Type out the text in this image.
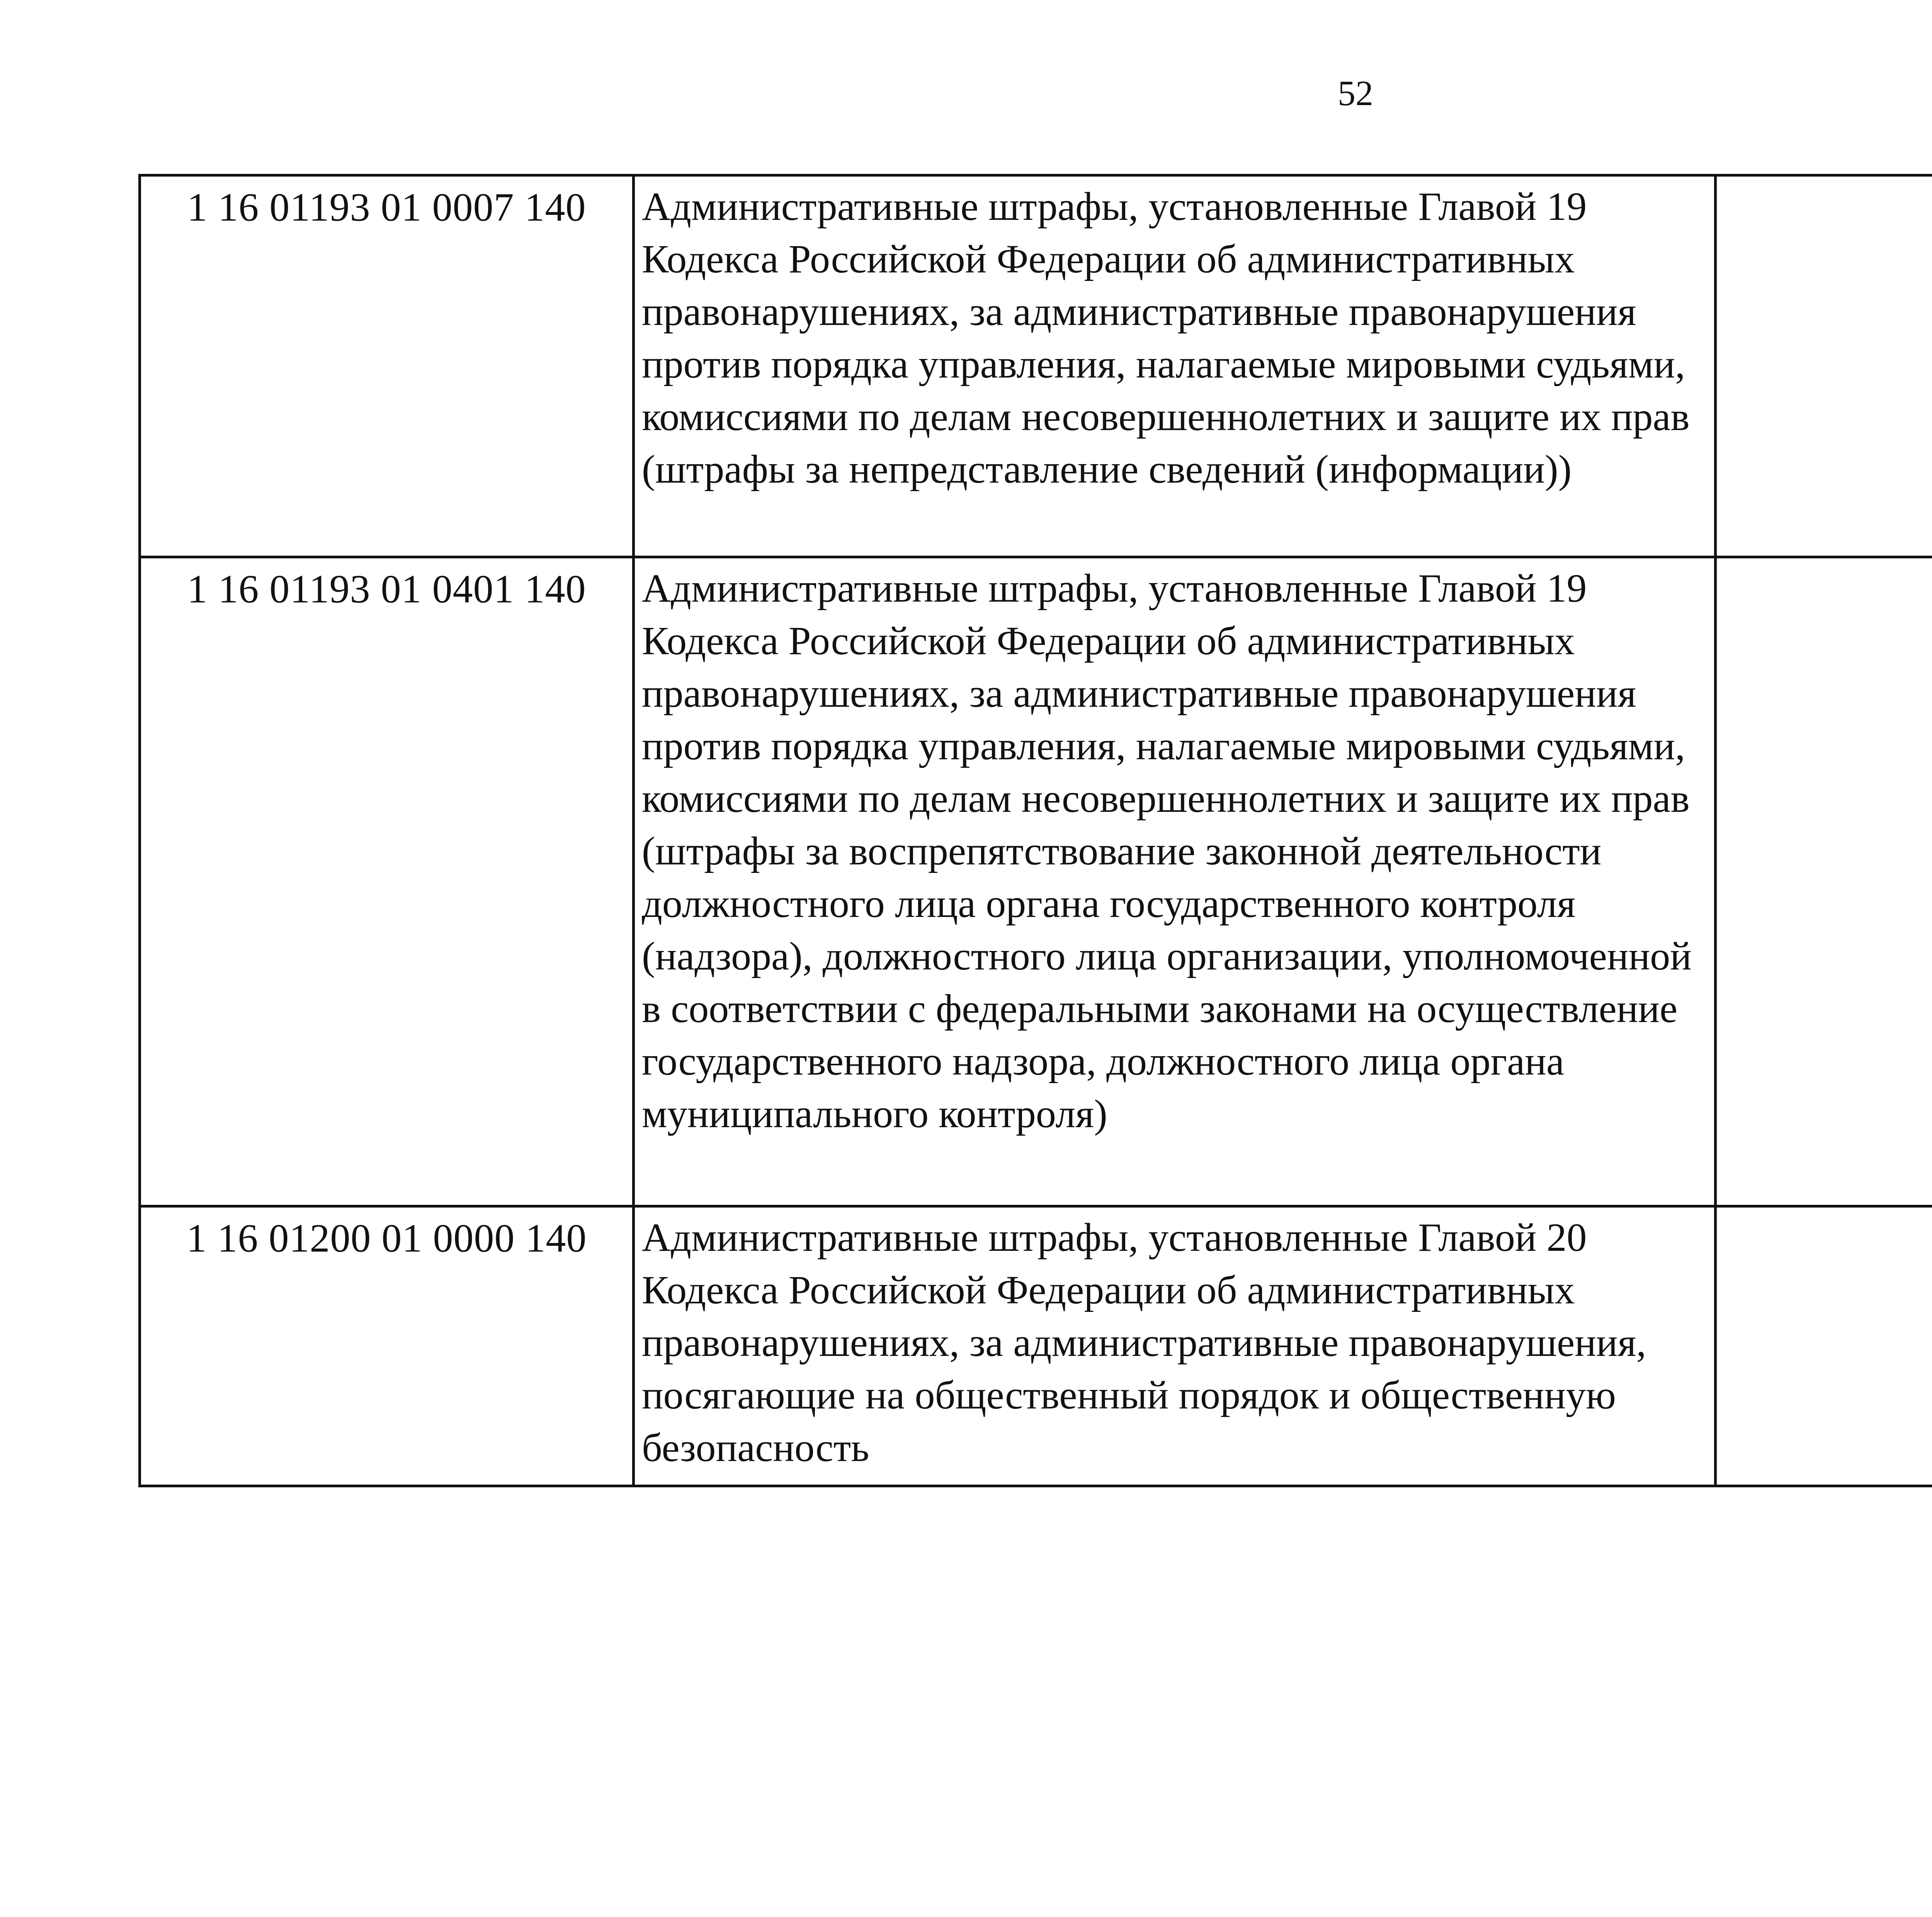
52
1 16 01193 01 0007 140	Административные штрафы, установленные Главой 19 Кодекса Российской Федерации об административных правонарушениях, за административные правонарушения против порядка управления, налагаемые мировыми судьями, комиссиями по делам несовершеннолетних и защите их прав (штрафы за непредставление сведений (информации))			
1 16 01193 01 0401 140	Административные штрафы, установленные Главой 19 Кодекса Российской Федерации об административных правонарушениях, за административные правонарушения против порядка управления, налагаемые мировыми судьями, комиссиями по делам несовершеннолетних и защите их прав (штрафы за воспрепятствование законной деятельности должностного лица органа государственного контроля (надзора), должностного лица организации, уполномоченной в соответствии с федеральными законами на осуществление государственного надзора, должностного лица органа муниципального контроля)			
1 16 01200 01 0000 140	Административные штрафы, установленные Главой 20 Кодекса Российской Федерации об административных правонарушениях, за административные правонарушения, посягающие на общественный порядок и общественную безопасность			
